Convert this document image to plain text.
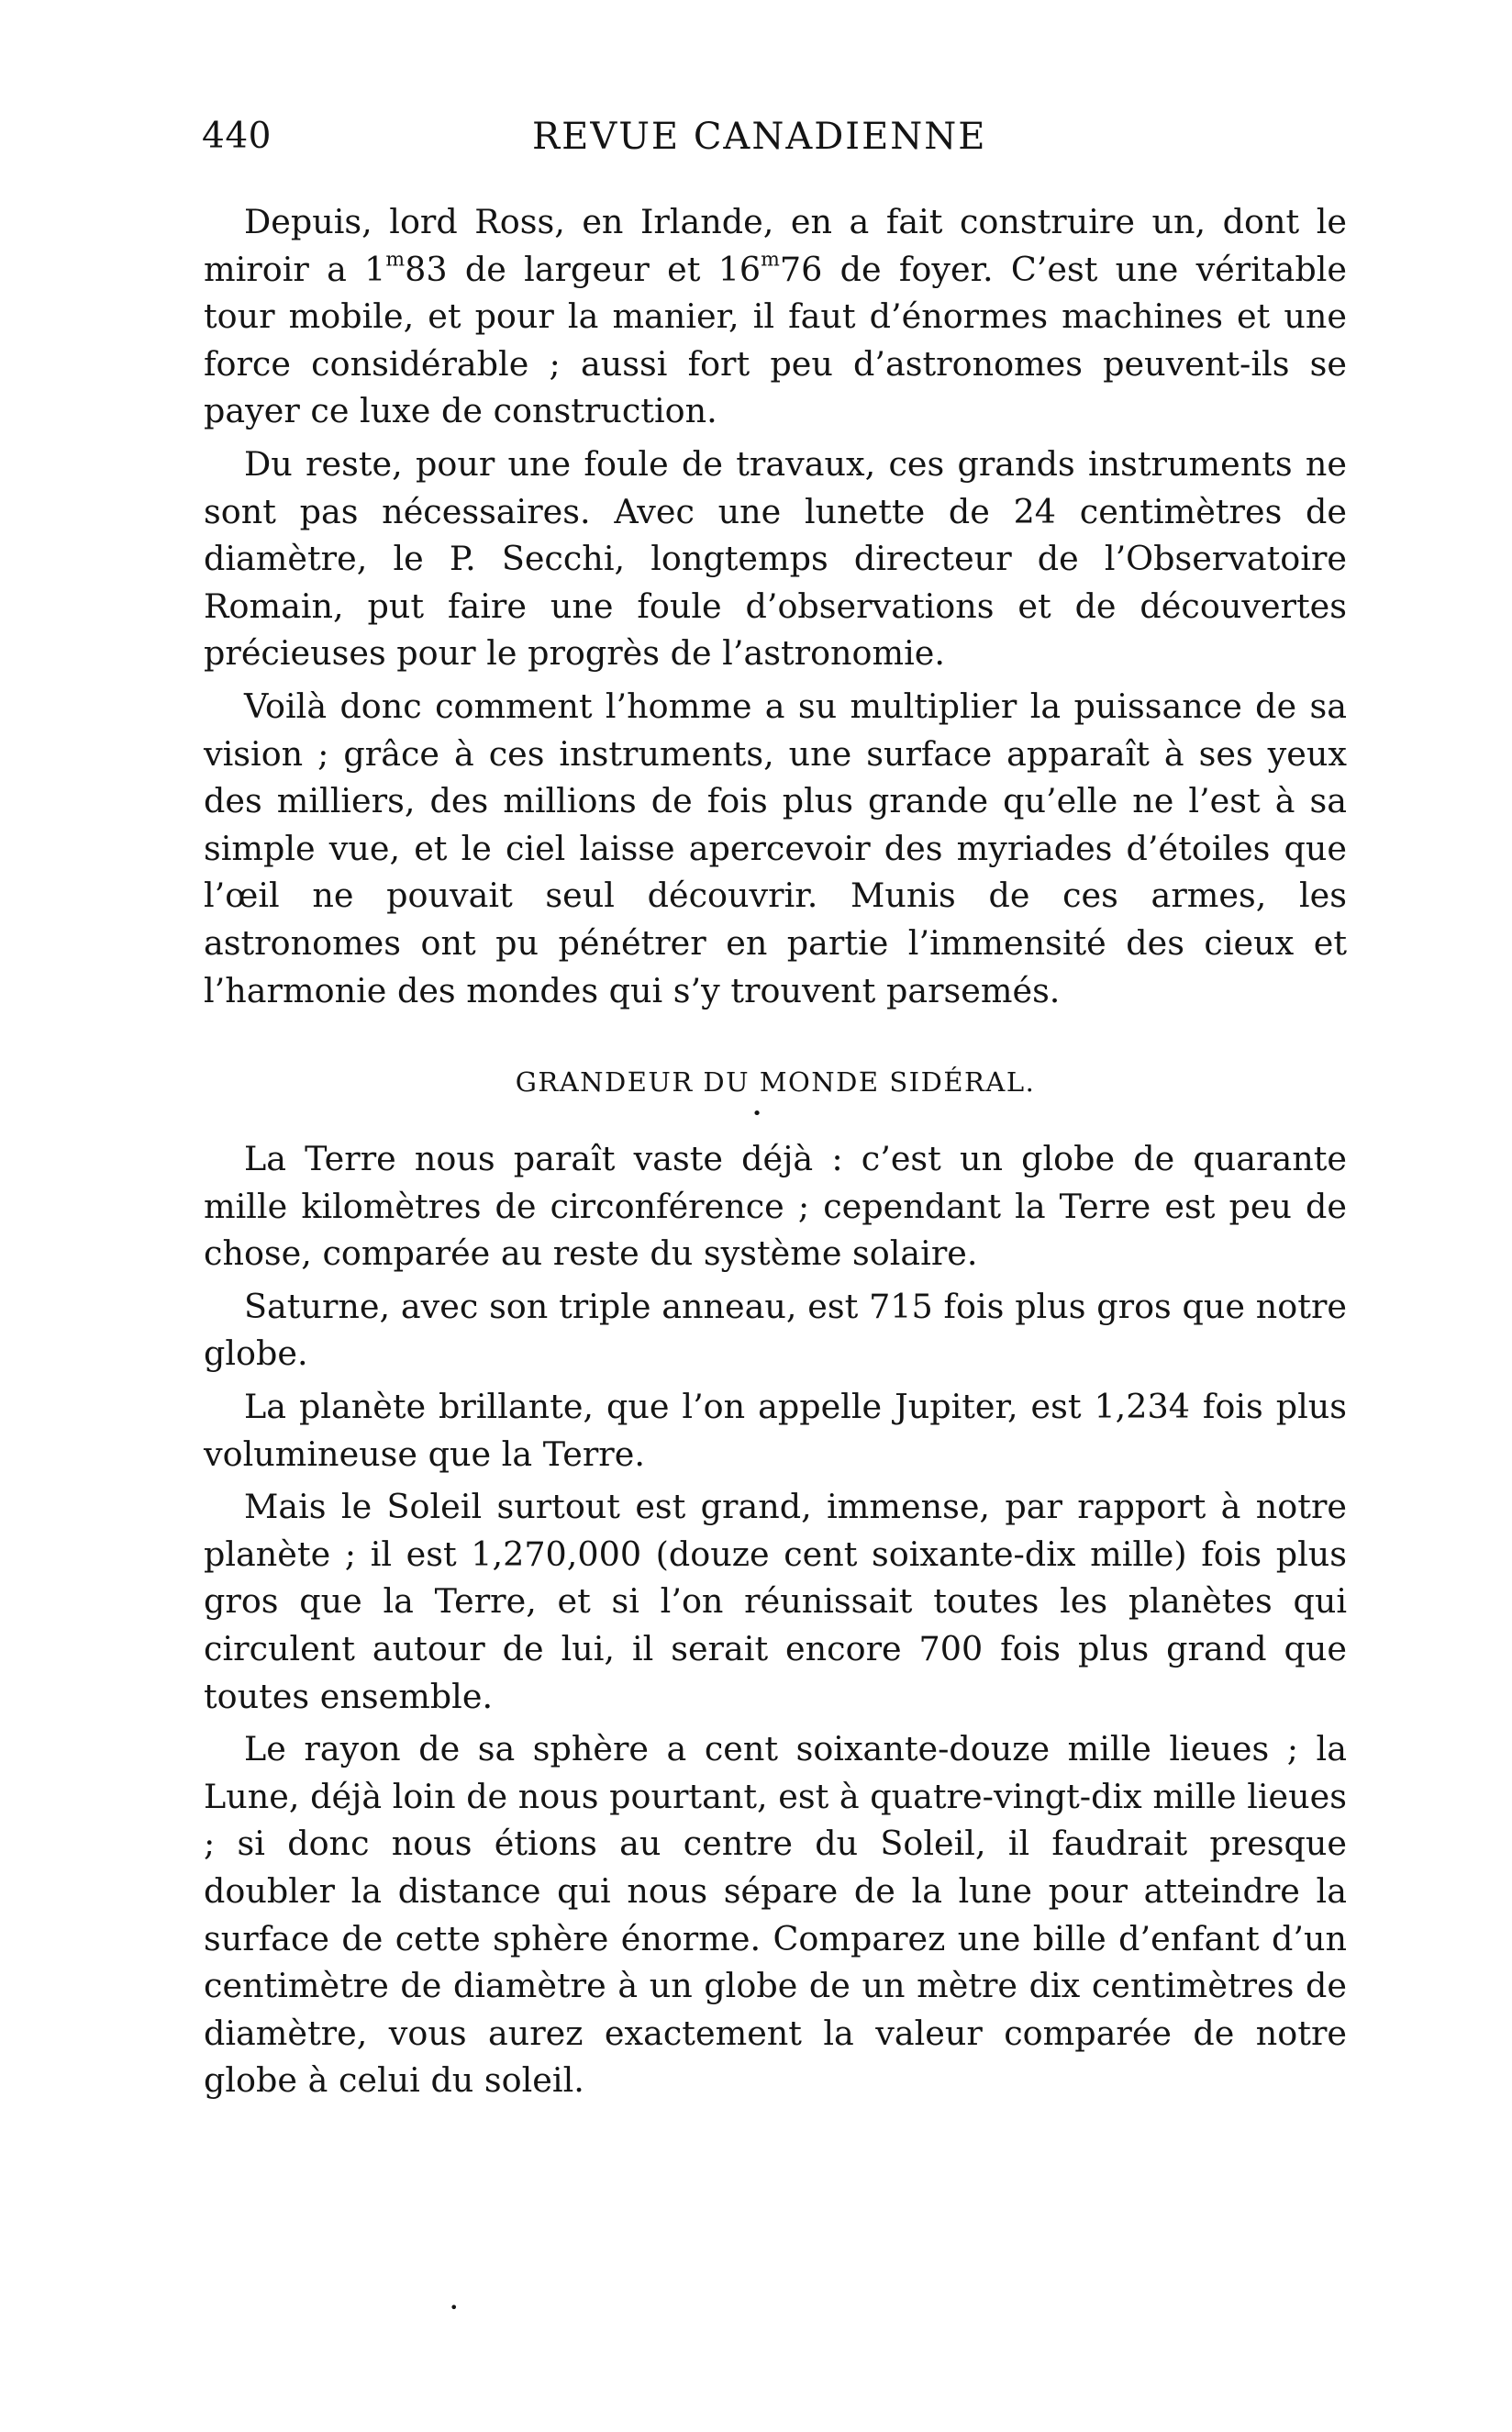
440	REVUE CANADIENNE

Depuis, lord Ross, en Irlande, en a fait construire un, dont le miroir a 1$^m$83 de largeur et 16$^m$76 de foyer. C’est une véritable tour mobile, et pour la manier, il faut d’énormes machines et une force considérable ; aussi fort peu d’astronomes peuvent-ils se payer ce luxe de construction.

Du reste, pour une foule de travaux, ces grands instruments ne sont pas nécessaires. Avec une lunette de 24 centimètres de diamètre, le P. Secchi, longtemps directeur de l’Observatoire Romain, put faire une foule d’observations et de découvertes précieuses pour le progrès de l’astronomie.

Voilà donc comment l’homme a su multiplier la puissance de sa vision ; grâce à ces instruments, une surface apparaît à ses yeux des milliers, des millions de fois plus grande qu’elle ne l’est à sa simple vue, et le ciel laisse apercevoir des myriades d’étoiles que l’œil ne pouvait seul découvrir. Munis de ces armes, les astronomes ont pu pénétrer en partie l’immensité des cieux et l’harmonie des mondes qui s’y trouvent parsemés.

GRANDEUR DU MONDE SIDÉRAL.
•

La Terre nous paraît vaste déjà : c’est un globe de quarante mille kilomètres de circonférence ; cependant la Terre est peu de chose, comparée au reste du système solaire.

Saturne, avec son triple anneau, est 715 fois plus gros que notre globe.

La planète brillante, que l’on appelle Jupiter, est 1,234 fois plus volumineuse que la Terre.

Mais le Soleil surtout est grand, immense, par rapport à notre planète ; il est 1,270,000 (douze cent soixante-dix mille) fois plus gros que la Terre, et si l’on réunissait toutes les planètes qui circulent autour de lui, il serait encore 700 fois plus grand que toutes ensemble.

Le rayon de sa sphère a cent soixante-douze mille lieues ; la Lune, déjà loin de nous pourtant, est à quatre-vingt-dix mille lieues ; si donc nous étions au centre du Soleil, il faudrait presque doubler la distance qui nous sépare de la lune pour atteindre la surface de cette sphère énorme. Comparez une bille d’enfant d’un centimètre de diamètre à un globe de un mètre dix centimètres de diamètre, vous aurez exactement la valeur comparée de notre globe à celui du soleil.

•
